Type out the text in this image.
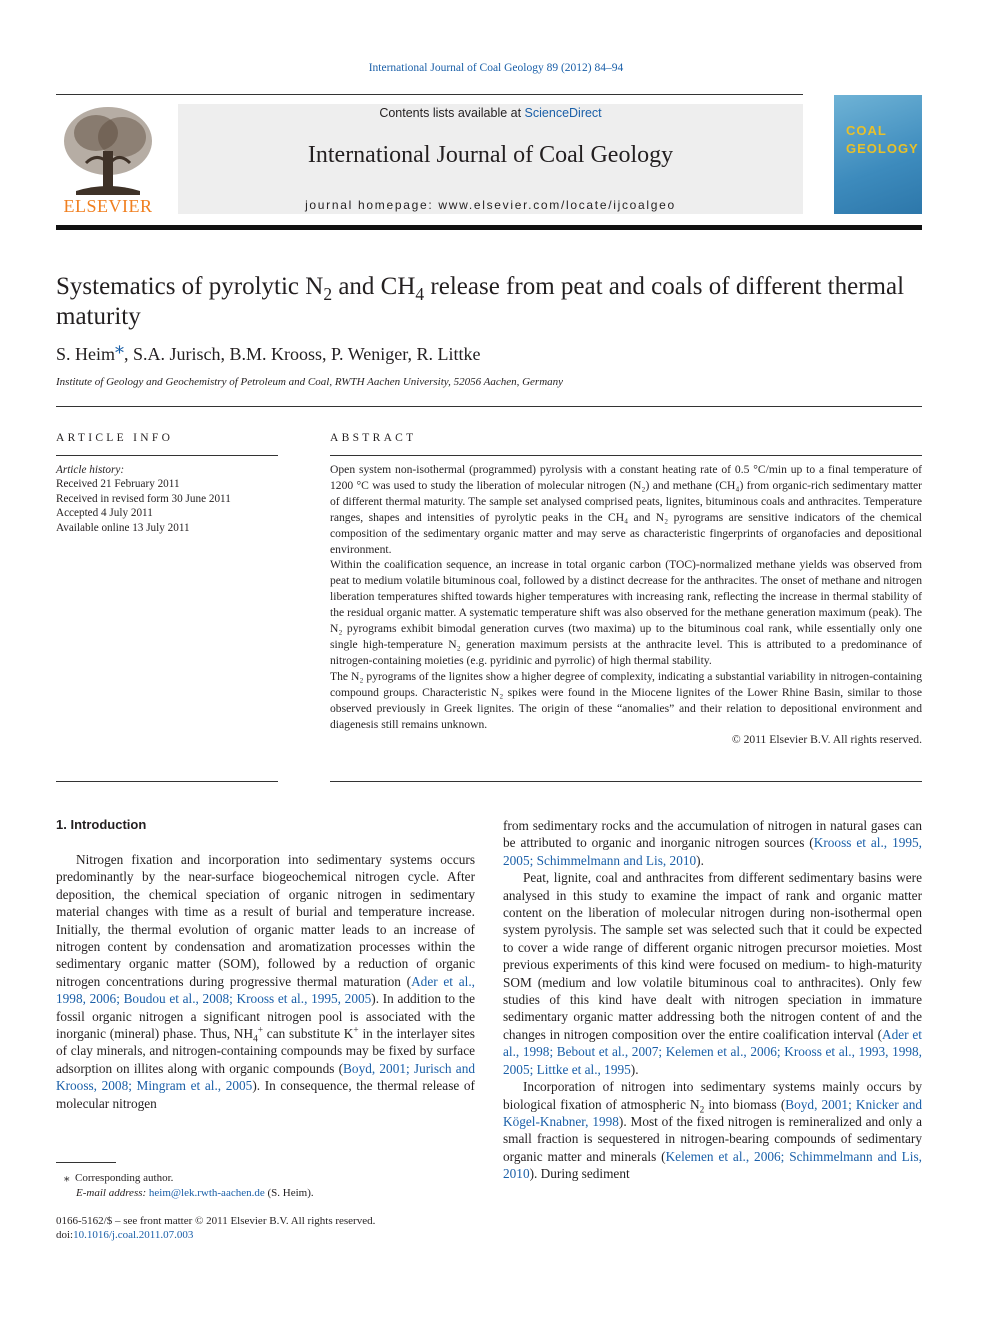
International Journal of Coal Geology 89 (2012) 84–94
ELSEVIER
Contents lists available at ScienceDirect
International Journal of Coal Geology
journal homepage: www.elsevier.com/locate/ijcoalgeo
COAL GEOLOGY
Systematics of pyrolytic $N_2$ and $CH_4$ release from peat and coals of different thermal maturity
S. Heim⁎, S.A. Jurisch, B.M. Krooss, P. Weniger, R. Littke
Institute of Geology and Geochemistry of Petroleum and Coal, RWTH Aachen University, 52056 Aachen, Germany
ARTICLE INFO
Article history:
Received 21 February 2011
Received in revised form 30 June 2011
Accepted 4 July 2011
Available online 13 July 2011
ABSTRACT

Open system non-isothermal (programmed) pyrolysis with a constant heating rate of 0.5 °C/min up to a final temperature of 1200 °C was used to study the liberation of molecular nitrogen (N₂) and methane (CH₄) from organic-rich sedimentary matter of different thermal maturity. The sample set analysed comprised peats, lignites, bituminous coals and anthracites. Temperature ranges, shapes and intensities of pyrolytic peaks in the CH₄ and N₂ pyrograms are sensitive indicators of the chemical composition of the sedimentary organic matter and may serve as characteristic fingerprints of organofacies and depositional environment.

Within the coalification sequence, an increase in total organic carbon (TOC)-normalized methane yields was observed from peat to medium volatile bituminous coal, followed by a distinct decrease for the anthracites. The onset of methane and nitrogen liberation temperatures shifted towards higher temperatures with increasing rank, reflecting the increase in thermal stability of the residual organic matter. A systematic temperature shift was also observed for the methane generation maximum (peak). The N₂ pyrograms exhibit bimodal generation curves (two maxima) up to the bituminous coal rank, while essentially only one single high-temperature N₂ generation maximum persists at the anthracite level. This is attributed to a predominance of nitrogen-containing moieties (e.g. pyridinic and pyrrolic) of high thermal stability.

The N₂ pyrograms of the lignites show a higher degree of complexity, indicating a substantial variability in nitrogen-containing compound groups. Characteristic N₂ spikes were found in the Miocene lignites of the Lower Rhine Basin, similar to those observed previously in Greek lignites. The origin of these “anomalies” and their relation to depositional environment and diagenesis still remains unknown.

© 2011 Elsevier B.V. All rights reserved.

1. Introduction

Nitrogen fixation and incorporation into sedimentary systems occurs predominantly by the near-surface biogeochemical nitrogen cycle. After deposition, the chemical speciation of organic nitrogen in sedimentary material changes with time as a result of burial and temperature increase. Initially, the thermal evolution of organic matter leads to an increase of nitrogen content by condensation and aromatization processes within the sedimentary organic matter (SOM), followed by a reduction of organic nitrogen concentrations during progressive thermal maturation (Ader et al., 1998, 2006; Boudou et al., 2008; Krooss et al., 1995, 2005). In addition to the fossil organic nitrogen a significant nitrogen pool is associated with the inorganic (mineral) phase. Thus, $NH_4^+$ can substitute K+ in the interlayer sites of clay minerals, and nitrogen-containing compounds may be fixed by surface adsorption on illites along with organic compounds (Boyd, 2001; Jurisch and Krooss, 2008; Mingram et al., 2005). In consequence, the thermal release of molecular nitrogen

from sedimentary rocks and the accumulation of nitrogen in natural gases can be attributed to organic and inorganic nitrogen sources (Krooss et al., 1995, 2005; Schimmelmann and Lis, 2010).

Peat, lignite, coal and anthracites from different sedimentary basins were analysed in this study to examine the impact of rank and organic matter content on the liberation of molecular nitrogen during non-isothermal open system pyrolysis. The sample set was selected such that it could be expected to cover a wide range of different organic nitrogen precursor moieties. Most previous experiments of this kind were focused on medium- to high-maturity SOM (medium and low volatile bituminous coal to anthracites). Only few studies of this kind have dealt with nitrogen speciation in immature sedimentary organic matter addressing both the nitrogen content of and the changes in nitrogen composition over the entire coalification interval (Ader et al., 1998; Bebout et al., 2007; Kelemen et al., 2006; Krooss et al., 1993, 1998, 2005; Littke et al., 1995).

Incorporation of nitrogen into sedimentary systems mainly occurs by biological fixation of atmospheric $N_2$ into biomass (Boyd, 2001; Knicker and Kögel-Knabner, 1998). Most of the fixed nitrogen is remineralized and only a small fraction is sequestered in nitrogen-bearing compounds of sedimentary organic matter and minerals (Kelemen et al., 2006; Schimmelmann and Lis, 2010). During sediment

⁎ Corresponding author.
E-mail address: heim@lek.rwth-aachen.de (S. Heim).
0166-5162/$ – see front matter © 2011 Elsevier B.V. All rights reserved.
doi:10.1016/j.coal.2011.07.003
